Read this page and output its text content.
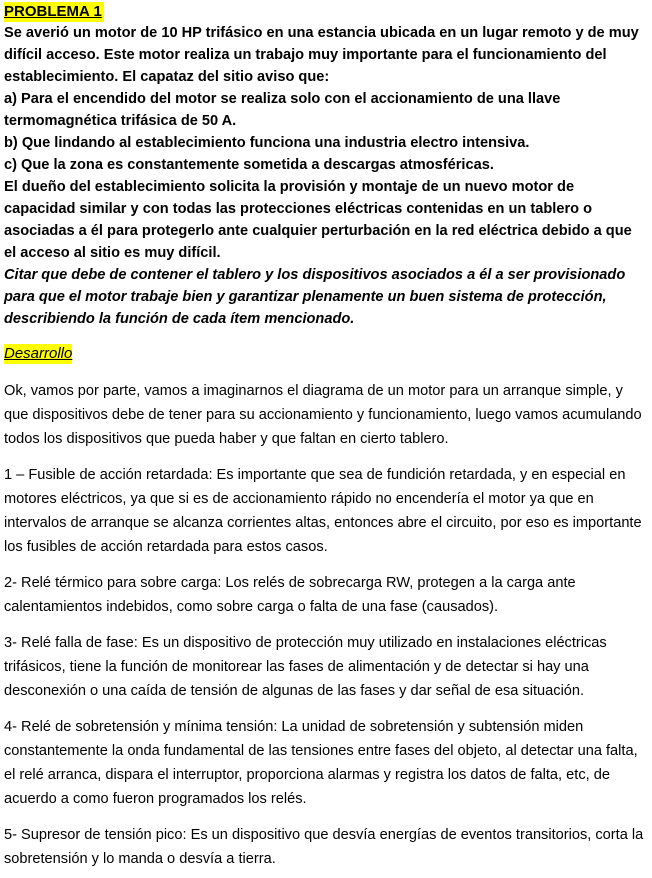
PROBLEMA 1

Se averió un motor de 10 HP trifásico en una estancia ubicada en un lugar remoto y de muy difícil acceso. Este motor realiza un trabajo muy importante para el funcionamiento del establecimiento. El capataz del sitio aviso que:

a) Para el encendido del motor se realiza solo con el accionamiento de una llave termomagnética trifásica de 50 A.

b) Que lindando al establecimiento funciona una industria electro intensiva.

c) Que la zona es constantemente sometida a descargas atmosféricas.

El dueño del establecimiento solicita la provisión y montaje de un nuevo motor de capacidad similar y con todas las protecciones eléctricas contenidas en un tablero o asociadas a él para protegerlo ante cualquier perturbación en la red eléctrica debido a que el acceso al sitio es muy difícil.

Citar que debe de contener el tablero y los dispositivos asociados a él a ser provisionado para que el motor trabaje bien y garantizar plenamente un buen sistema de protección, describiendo la función de cada ítem mencionado.

Desarrollo

Ok, vamos por parte, vamos a imaginarnos el diagrama de un motor para un arranque simple, y que dispositivos debe de tener para su accionamiento y funcionamiento, luego vamos acumulando todos los dispositivos que pueda haber y que faltan en cierto tablero.

1 – Fusible de acción retardada: Es importante que sea de fundición retardada, y en especial en motores eléctricos, ya que si es de accionamiento rápido no encendería el motor ya que en intervalos de arranque se alcanza corrientes altas, entonces abre el circuito, por eso es importante los fusibles de acción retardada para estos casos.

2- Relé térmico para sobre carga: Los relés de sobrecarga RW, protegen a la carga ante calentamientos indebidos, como sobre carga o falta de una fase (causados).

3- Relé falla de fase: Es un dispositivo de protección muy utilizado en instalaciones eléctricas trifásicos, tiene la función de monitorear las fases de alimentación y de detectar si hay una desconexión o una caída de tensión de algunas de las fases y dar señal de esa situación.

4- Relé de sobretensión y mínima tensión: La unidad de sobretensión y subtensión miden constantemente la onda fundamental de las tensiones entre fases del objeto, al detectar una falta, el relé arranca, dispara el interruptor, proporciona alarmas y registra los datos de falta, etc, de acuerdo a como fueron programados los relés.

5- Supresor de tensión pico: Es un dispositivo que desvía energías de eventos transitorios, corta la sobretensión y lo manda o desvía a tierra.
